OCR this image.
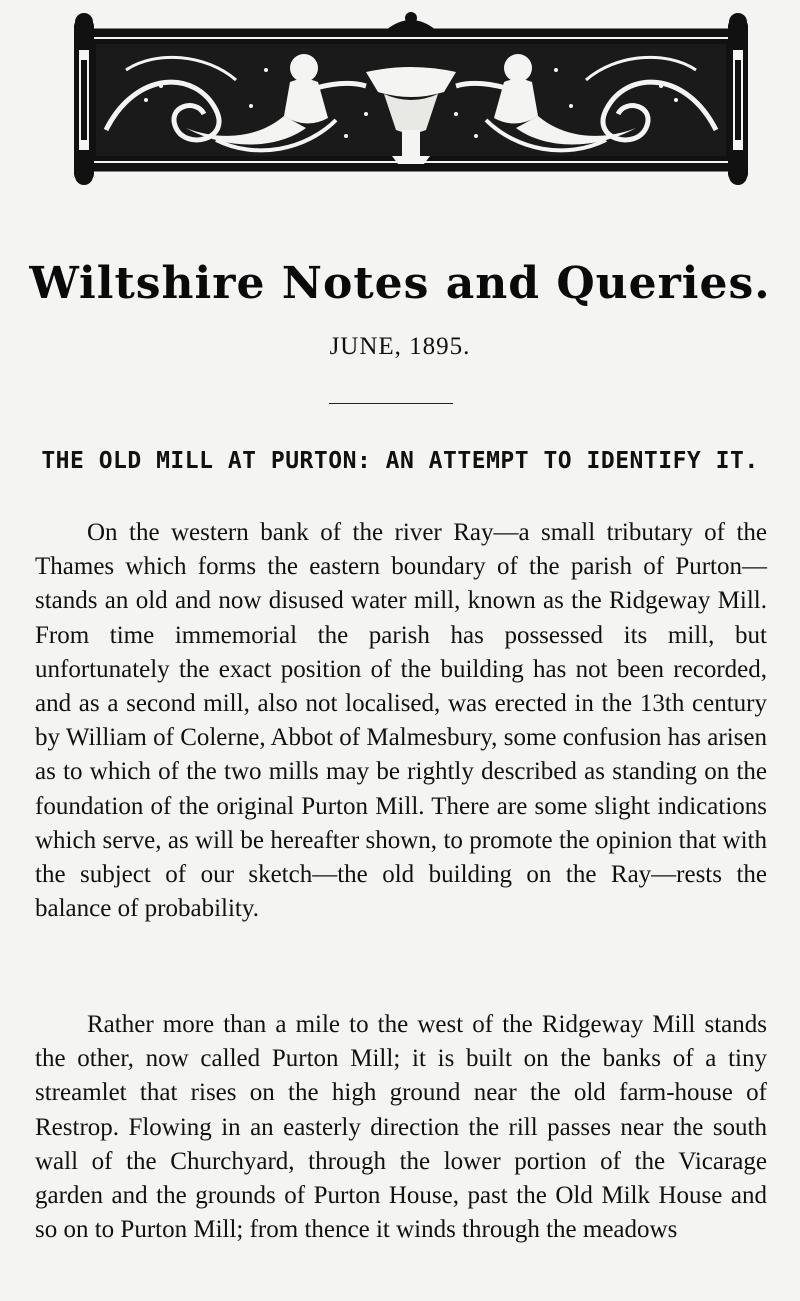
Wiltshire Notes and Queries.
JUNE, 1895.
THE OLD MILL AT PURTON: AN ATTEMPT TO IDENTIFY IT.

On the western bank of the river Ray—a small tributary of the Thames which forms the eastern boundary of the parish of Purton—stands an old and now disused water mill, known as the Ridgeway Mill. From time immemorial the parish has possessed its mill, but unfortunately the exact position of the building has not been recorded, and as a second mill, also not localised, was erected in the 13th century by William of Colerne, Abbot of Malmesbury, some confusion has arisen as to which of the two mills may be rightly described as standing on the foundation of the original Purton Mill. There are some slight indications which serve, as will be hereafter shown, to promote the opinion that with the subject of our sketch—the old building on the Ray—rests the balance of probability.

Rather more than a mile to the west of the Ridgeway Mill stands the other, now called Purton Mill; it is built on the banks of a tiny streamlet that rises on the high ground near the old farm-house of Restrop. Flowing in an easterly direction the rill passes near the south wall of the Churchyard, through the lower portion of the Vicarage garden and the grounds of Purton House, past the Old Milk House and so on to Purton Mill; from thence it winds through the meadows
